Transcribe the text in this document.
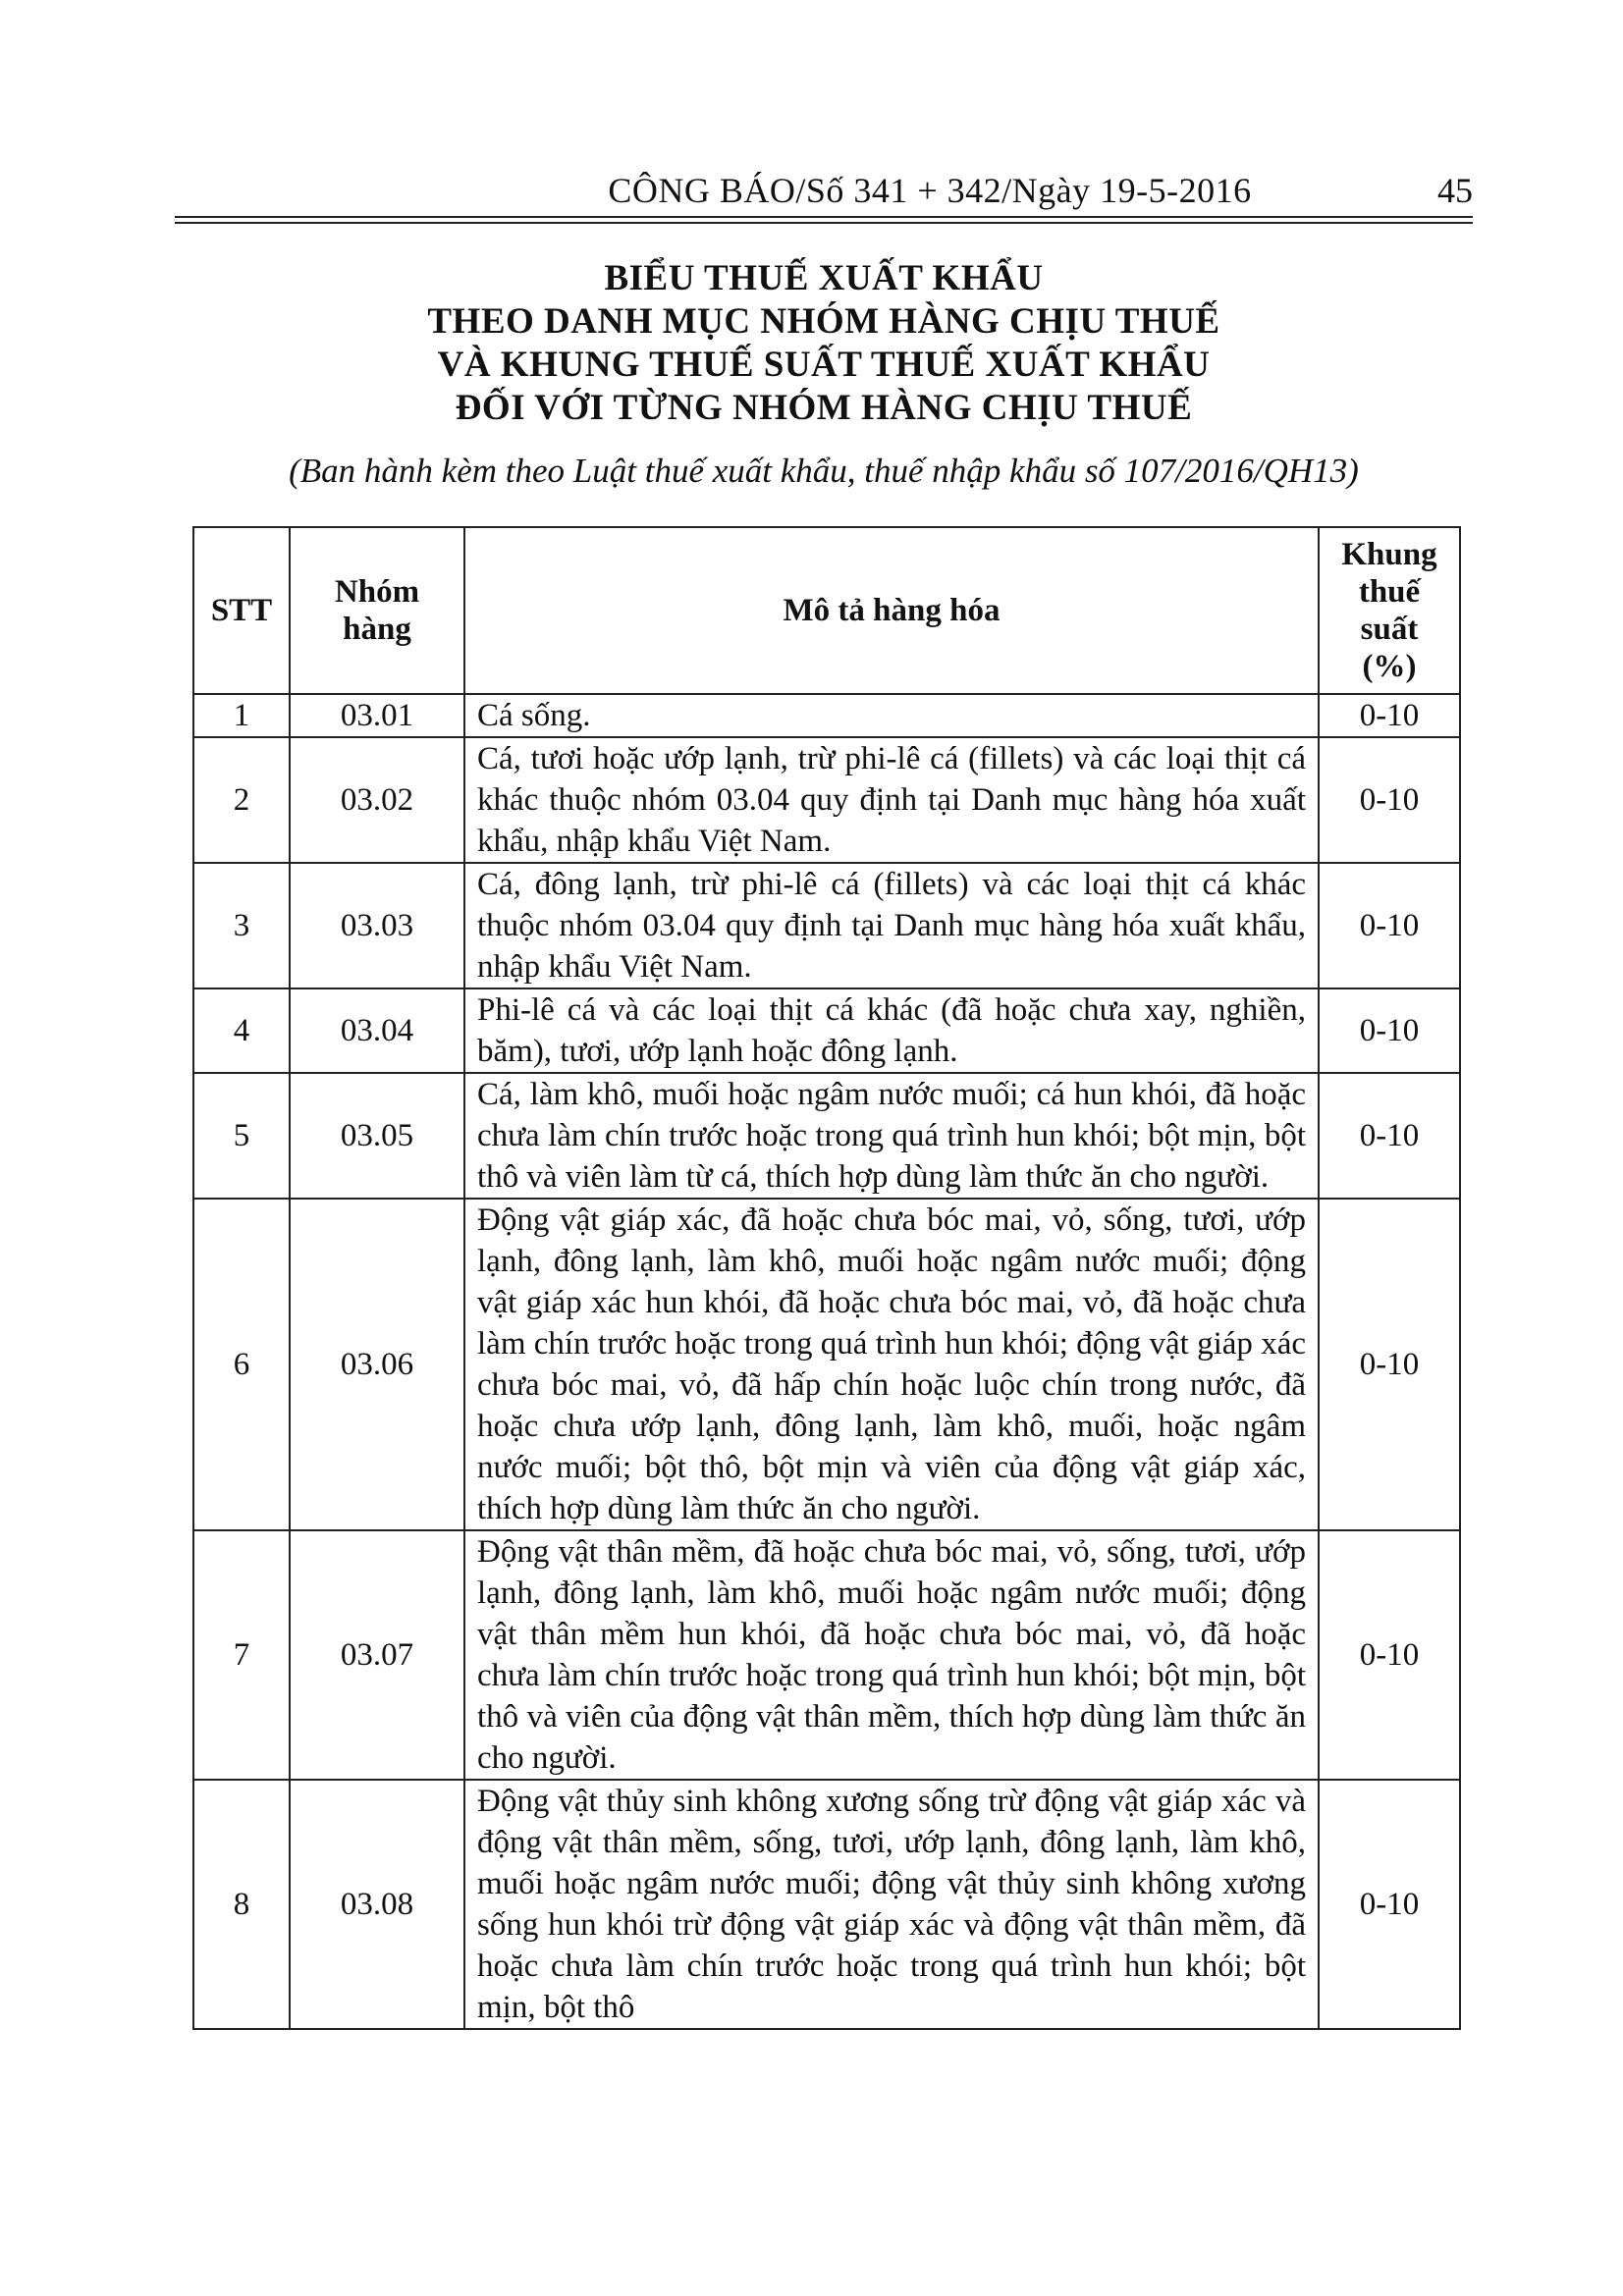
CÔNG BÁO/Số 341 + 342/Ngày 19-5-2016	45
BIỂU THUẾ XUẤT KHẨU
THEO DANH MỤC NHÓM HÀNG CHỊU THUẾ
VÀ KHUNG THUẾ SUẤT THUẾ XUẤT KHẨU
ĐỐI VỚI TỪNG NHÓM HÀNG CHỊU THUẾ
(Ban hành kèm theo Luật thuế xuất khẩu, thuế nhập khẩu số 107/2016/QH13)
STT	Nhóm hàng	Mô tả hàng hóa	Khung thuế suất (%)
1	03.01	Cá sống.	0-10
2	03.02	Cá, tươi hoặc ướp lạnh, trừ phi-lê cá (fillets) và các loại thịt cá khác thuộc nhóm 03.04 quy định tại Danh mục hàng hóa xuất khẩu, nhập khẩu Việt Nam.	0-10
3	03.03	Cá, đông lạnh, trừ phi-lê cá (fillets) và các loại thịt cá khác thuộc nhóm 03.04 quy định tại Danh mục hàng hóa xuất khẩu, nhập khẩu Việt Nam.	0-10
4	03.04	Phi-lê cá và các loại thịt cá khác (đã hoặc chưa xay, nghiền, băm), tươi, ướp lạnh hoặc đông lạnh.	0-10
5	03.05	Cá, làm khô, muối hoặc ngâm nước muối; cá hun khói, đã hoặc chưa làm chín trước hoặc trong quá trình hun khói; bột mịn, bột thô và viên làm từ cá, thích hợp dùng làm thức ăn cho người.	0-10
6	03.06	Động vật giáp xác, đã hoặc chưa bóc mai, vỏ, sống, tươi, ướp lạnh, đông lạnh, làm khô, muối hoặc ngâm nước muối; động vật giáp xác hun khói, đã hoặc chưa bóc mai, vỏ, đã hoặc chưa làm chín trước hoặc trong quá trình hun khói; động vật giáp xác chưa bóc mai, vỏ, đã hấp chín hoặc luộc chín trong nước, đã hoặc chưa ướp lạnh, đông lạnh, làm khô, muối, hoặc ngâm nước muối; bột thô, bột mịn và viên của động vật giáp xác, thích hợp dùng làm thức ăn cho người.	0-10
7	03.07	Động vật thân mềm, đã hoặc chưa bóc mai, vỏ, sống, tươi, ướp lạnh, đông lạnh, làm khô, muối hoặc ngâm nước muối; động vật thân mềm hun khói, đã hoặc chưa bóc mai, vỏ, đã hoặc chưa làm chín trước hoặc trong quá trình hun khói; bột mịn, bột thô và viên của động vật thân mềm, thích hợp dùng làm thức ăn cho người.	0-10
8	03.08	Động vật thủy sinh không xương sống trừ động vật giáp xác và động vật thân mềm, sống, tươi, ướp lạnh, đông lạnh, làm khô, muối hoặc ngâm nước muối; động vật thủy sinh không xương sống hun khói trừ động vật giáp xác và động vật thân mềm, đã hoặc chưa làm chín trước hoặc trong quá trình hun khói; bột mịn, bột thô	0-10
